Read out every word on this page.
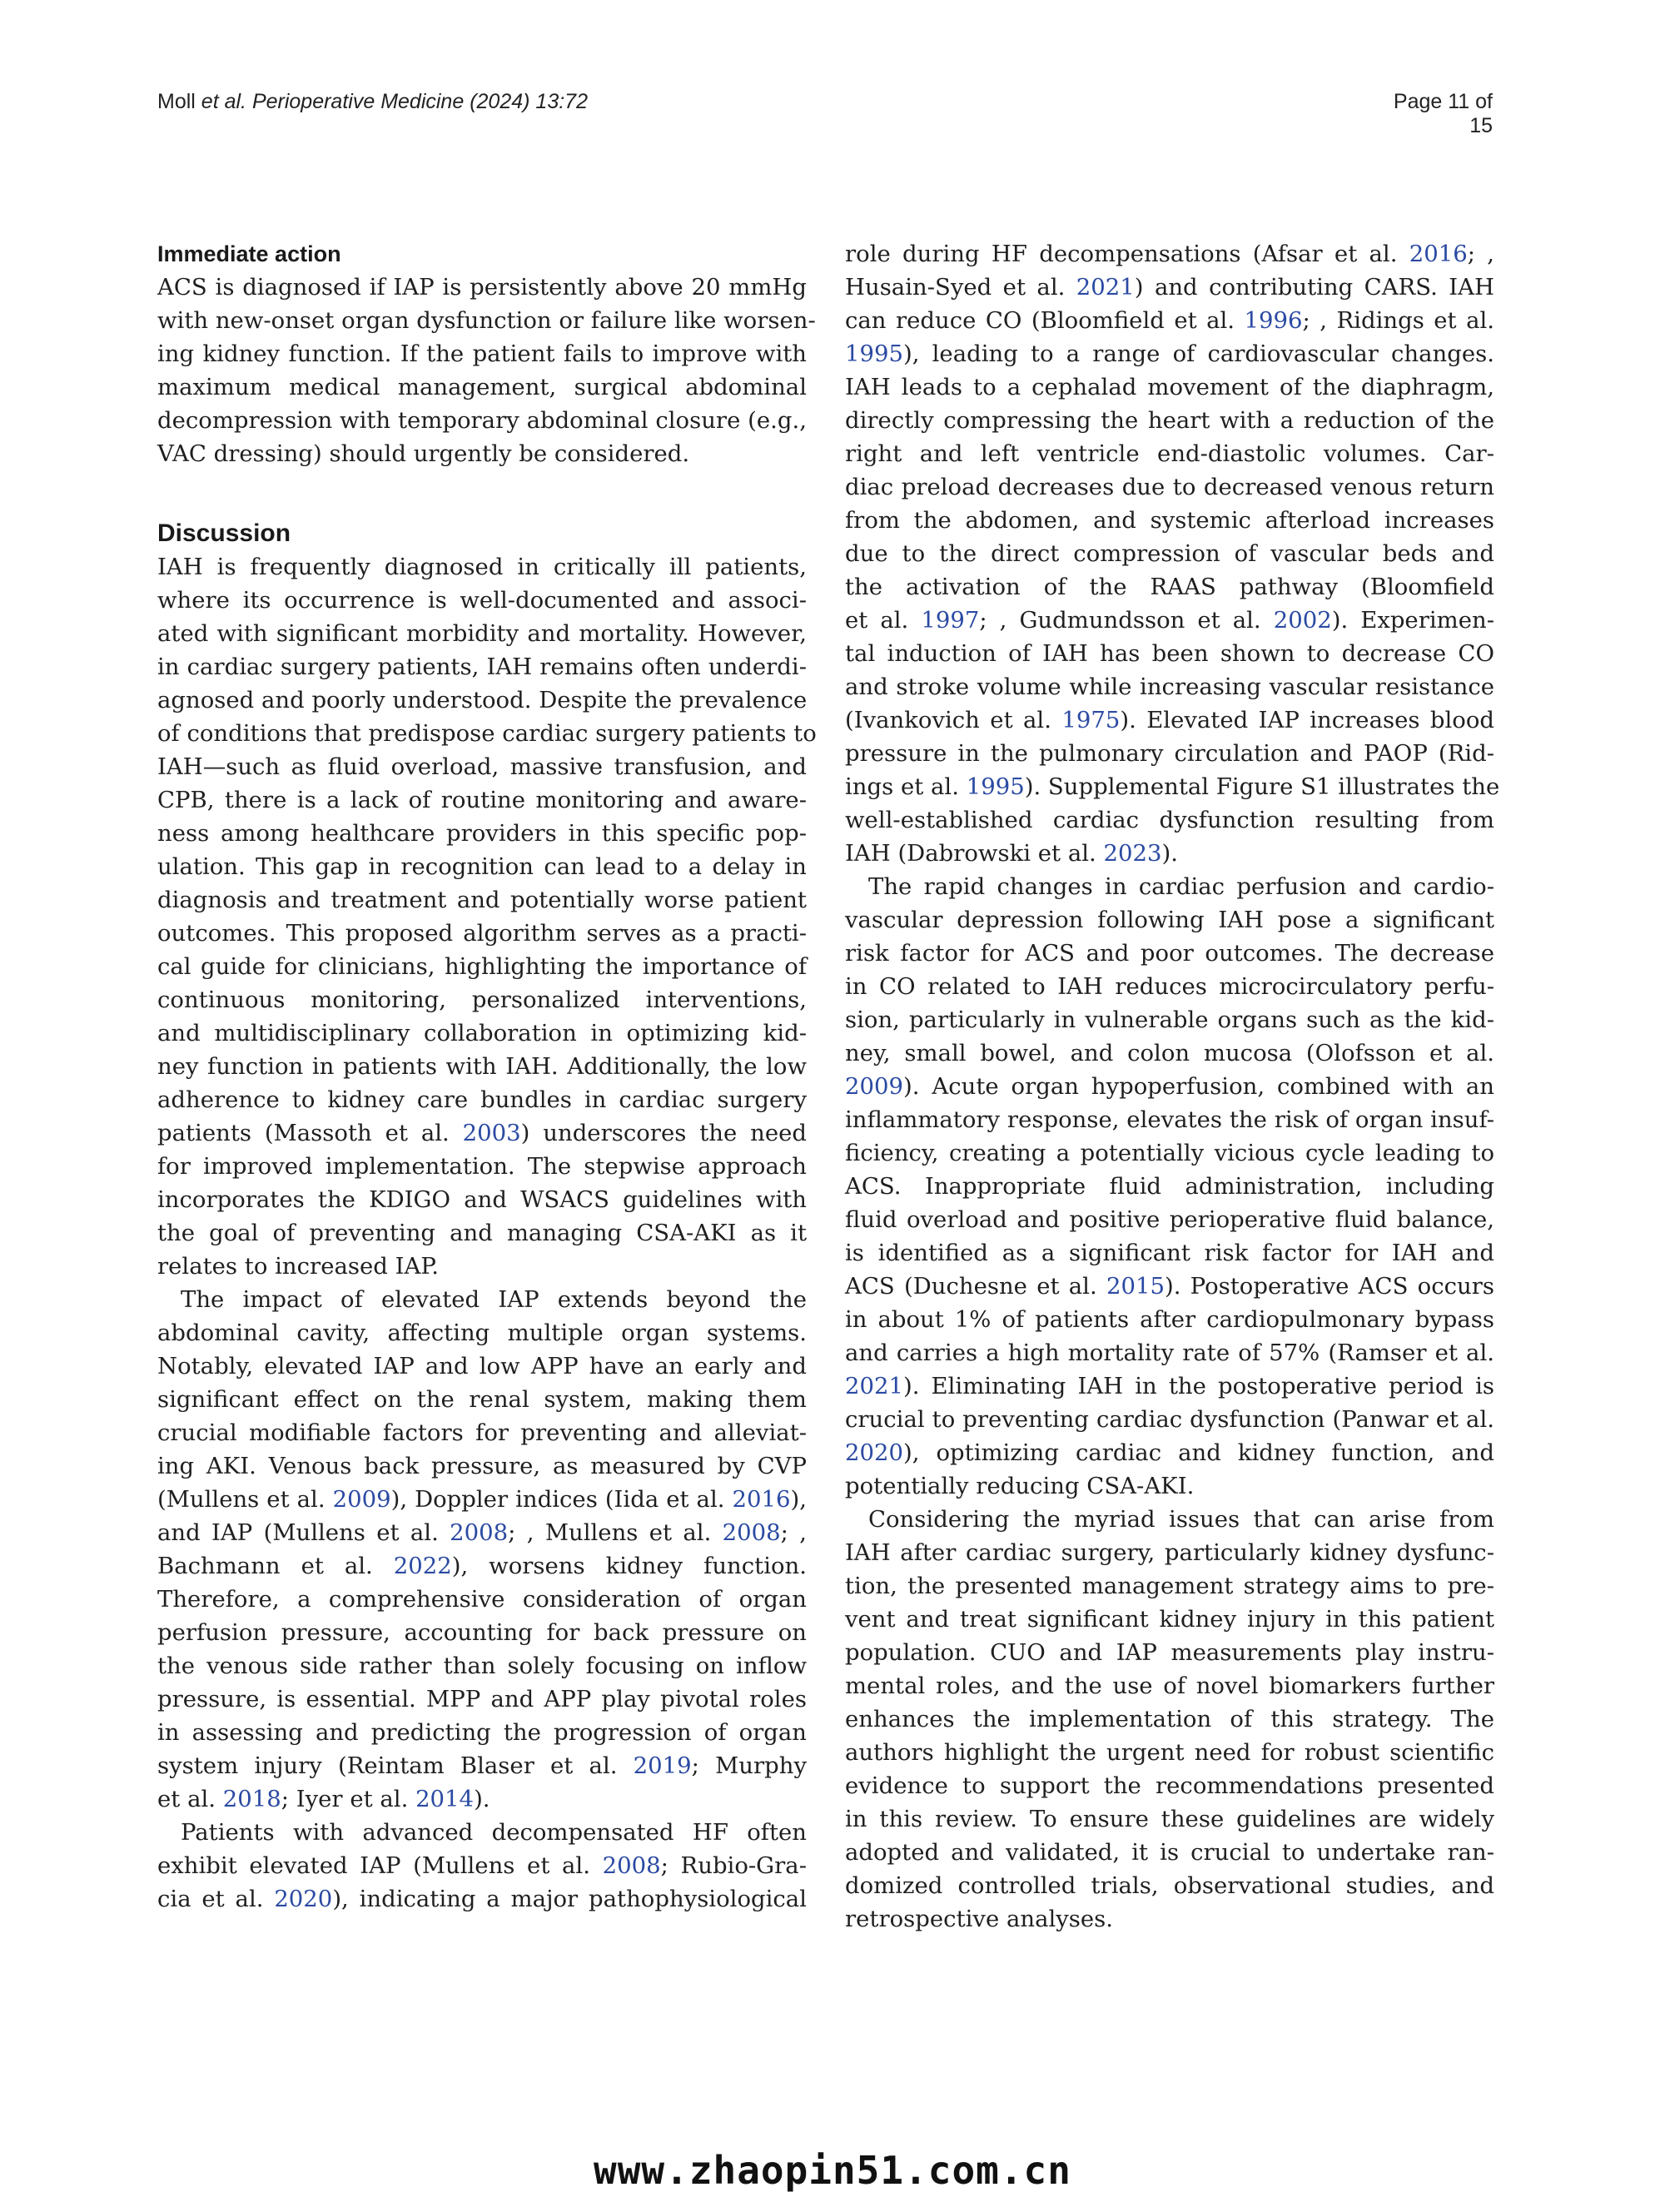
Moll et al. Perioperative Medicine (2024) 13:72	Page 11 of 15
Immediate action
ACS is diagnosed if IAP is persistently above 20 mmHg
with new-onset organ dysfunction or failure like worsen-
ing kidney function. If the patient fails to improve with
maximum medical management, surgical abdominal
decompression with temporary abdominal closure (e.g.,
VAC dressing) should urgently be considered.
Discussion
IAH is frequently diagnosed in critically ill patients,
where its occurrence is well-documented and associ-
ated with significant morbidity and mortality. However,
in cardiac surgery patients, IAH remains often underdi-
agnosed and poorly understood. Despite the prevalence
of conditions that predispose cardiac surgery patients to
IAH—such as fluid overload, massive transfusion, and
CPB, there is a lack of routine monitoring and aware-
ness among healthcare providers in this specific pop-
ulation. This gap in recognition can lead to a delay in
diagnosis and treatment and potentially worse patient
outcomes. This proposed algorithm serves as a practi-
cal guide for clinicians, highlighting the importance of
continuous monitoring, personalized interventions,
and multidisciplinary collaboration in optimizing kid-
ney function in patients with IAH. Additionally, the low
adherence to kidney care bundles in cardiac surgery
patients (Massoth et al. 2003) underscores the need
for improved implementation. The stepwise approach
incorporates the KDIGO and WSACS guidelines with
the goal of preventing and managing CSA-AKI as it
relates to increased IAP.
The impact of elevated IAP extends beyond the
abdominal cavity, affecting multiple organ systems.
Notably, elevated IAP and low APP have an early and
significant effect on the renal system, making them
crucial modifiable factors for preventing and alleviat-
ing AKI. Venous back pressure, as measured by CVP
(Mullens et al. 2009), Doppler indices (Iida et al. 2016),
and IAP (Mullens et al. 2008; , Mullens et al. 2008; ,
Bachmann et al. 2022), worsens kidney function.
Therefore, a comprehensive consideration of organ
perfusion pressure, accounting for back pressure on
the venous side rather than solely focusing on inflow
pressure, is essential. MPP and APP play pivotal roles
in assessing and predicting the progression of organ
system injury (Reintam Blaser et al. 2019; Murphy
et al. 2018; Iyer et al. 2014).
Patients with advanced decompensated HF often
exhibit elevated IAP (Mullens et al. 2008; Rubio-Gra-
cia et al. 2020), indicating a major pathophysiological
role during HF decompensations (Afsar et al. 2016; ,
Husain-Syed et al. 2021) and contributing CARS. IAH
can reduce CO (Bloomfield et al. 1996; , Ridings et al.
1995), leading to a range of cardiovascular changes.
IAH leads to a cephalad movement of the diaphragm,
directly compressing the heart with a reduction of the
right and left ventricle end-diastolic volumes. Car-
diac preload decreases due to decreased venous return
from the abdomen, and systemic afterload increases
due to the direct compression of vascular beds and
the activation of the RAAS pathway (Bloomfield
et al. 1997; , Gudmundsson et al. 2002). Experimen-
tal induction of IAH has been shown to decrease CO
and stroke volume while increasing vascular resistance
(Ivankovich et al. 1975). Elevated IAP increases blood
pressure in the pulmonary circulation and PAOP (Rid-
ings et al. 1995). Supplemental Figure S1 illustrates the
well-established cardiac dysfunction resulting from
IAH (Dabrowski et al. 2023).
The rapid changes in cardiac perfusion and cardio-
vascular depression following IAH pose a significant
risk factor for ACS and poor outcomes. The decrease
in CO related to IAH reduces microcirculatory perfu-
sion, particularly in vulnerable organs such as the kid-
ney, small bowel, and colon mucosa (Olofsson et al.
2009). Acute organ hypoperfusion, combined with an
inflammatory response, elevates the risk of organ insuf-
ficiency, creating a potentially vicious cycle leading to
ACS. Inappropriate fluid administration, including
fluid overload and positive perioperative fluid balance,
is identified as a significant risk factor for IAH and
ACS (Duchesne et al. 2015). Postoperative ACS occurs
in about 1% of patients after cardiopulmonary bypass
and carries a high mortality rate of 57% (Ramser et al.
2021). Eliminating IAH in the postoperative period is
crucial to preventing cardiac dysfunction (Panwar et al.
2020), optimizing cardiac and kidney function, and
potentially reducing CSA-AKI.
Considering the myriad issues that can arise from
IAH after cardiac surgery, particularly kidney dysfunc-
tion, the presented management strategy aims to pre-
vent and treat significant kidney injury in this patient
population. CUO and IAP measurements play instru-
mental roles, and the use of novel biomarkers further
enhances the implementation of this strategy. The
authors highlight the urgent need for robust scientific
evidence to support the recommendations presented
in this review. To ensure these guidelines are widely
adopted and validated, it is crucial to undertake ran-
domized controlled trials, observational studies, and
retrospective analyses.
www.zhaopin51.com.cn
